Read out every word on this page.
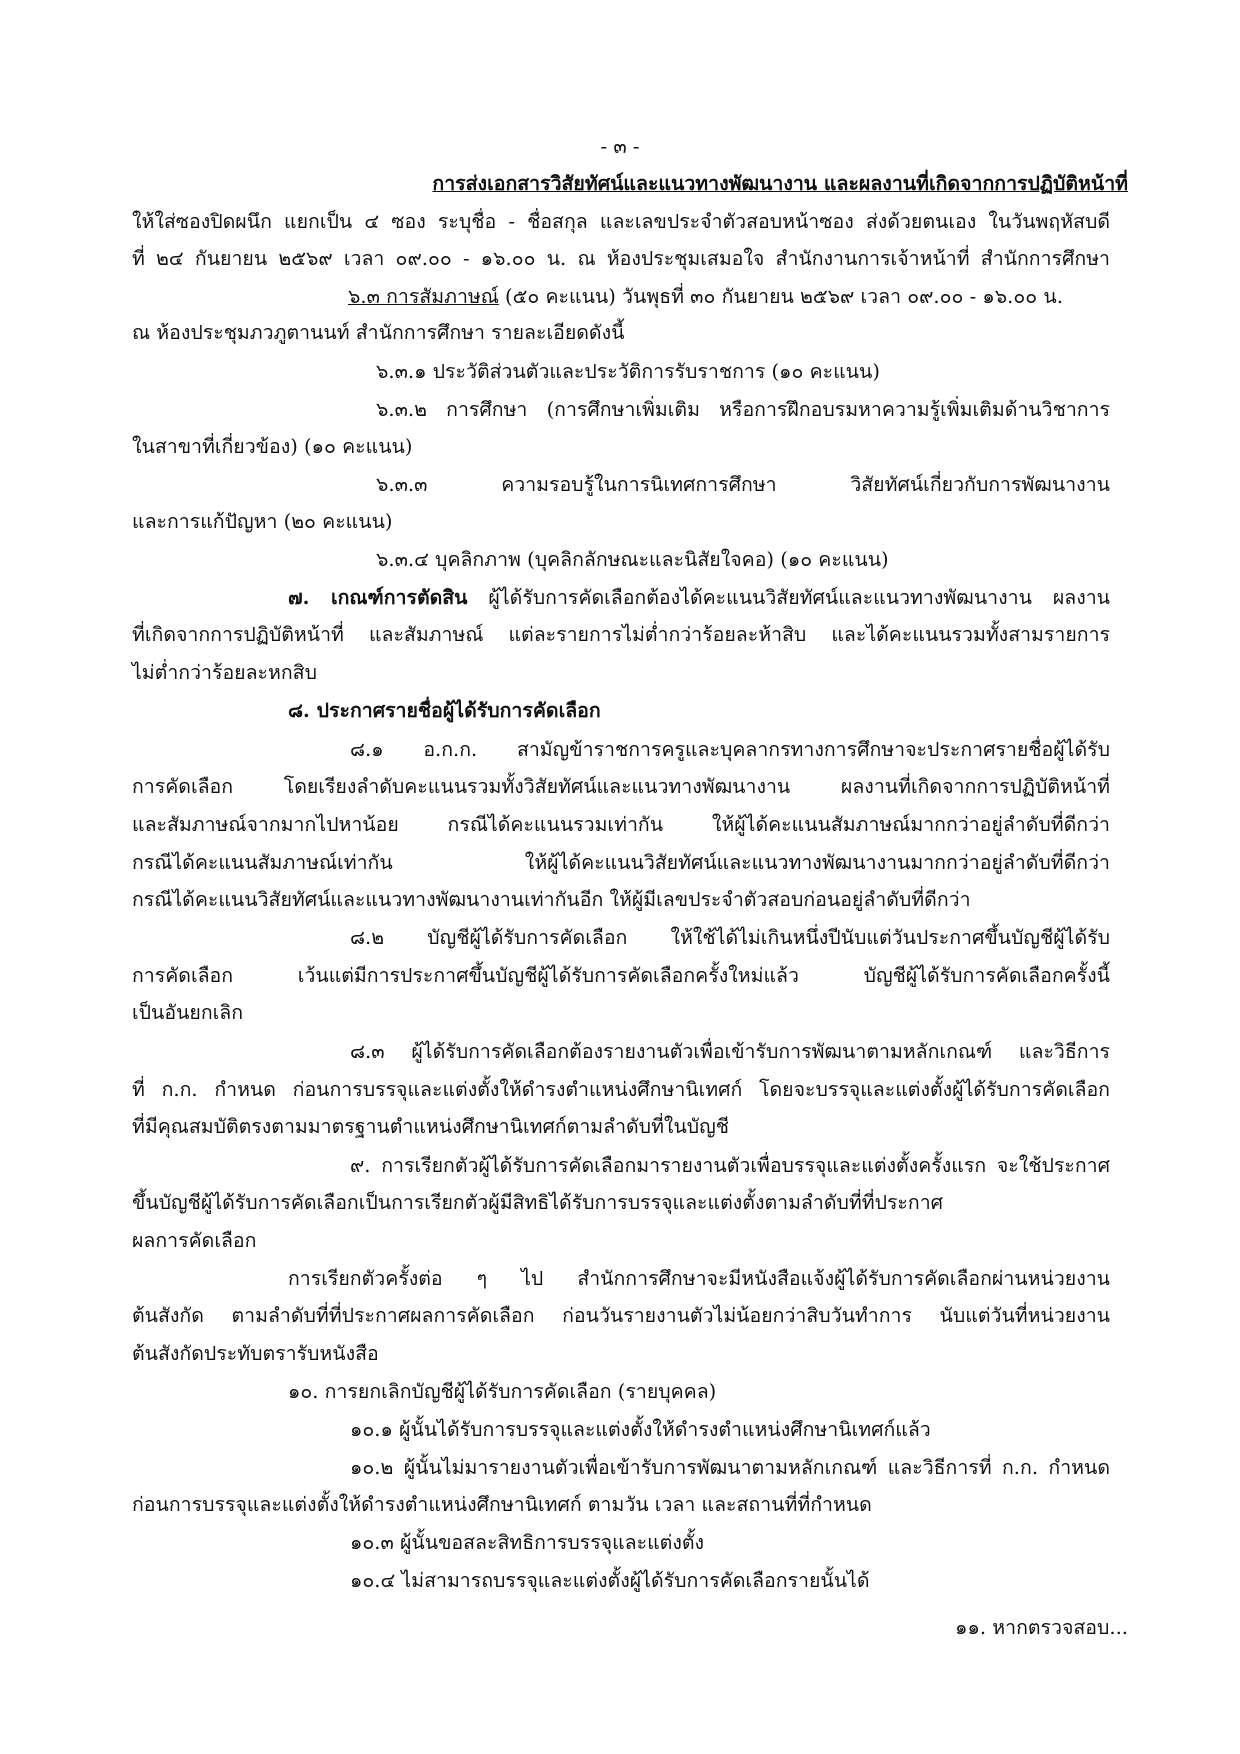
- ๓ -
การส่งเอกสารวิสัยทัศน์และแนวทางพัฒนางาน และผลงานที่เกิดจากการปฏิบัติหน้าที่
ให้ใส่ซองปิดผนึก แยกเป็น ๔ ซอง ระบุชื่อ - ชื่อสกุล และเลขประจำตัวสอบหน้าซอง ส่งด้วยตนเอง ในวันพฤหัสบดี
ที่ ๒๔ กันยายน ๒๕๖๙ เวลา ๐๙.๐๐ - ๑๖.๐๐ น. ณ ห้องประชุมเสมอใจ สำนักงานการเจ้าหน้าที่ สำนักการศึกษา
๖.๓ การสัมภาษณ์ (๕๐ คะแนน) วันพุธที่ ๓๐ กันยายน ๒๕๖๙ เวลา ๐๙.๐๐ - ๑๖.๐๐ น.
ณ ห้องประชุมภวภูตานนท์ สำนักการศึกษา รายละเอียดดังนี้
๖.๓.๑ ประวัติส่วนตัวและประวัติการรับราชการ (๑๐ คะแนน)
๖.๓.๒ การศึกษา (การศึกษาเพิ่มเติม หรือการฝึกอบรมหาความรู้เพิ่มเติมด้านวิชาการ
ในสาขาที่เกี่ยวข้อง) (๑๐ คะแนน)
๖.๓.๓ ความรอบรู้ในการนิเทศการศึกษา วิสัยทัศน์เกี่ยวกับการพัฒนางาน
และการแก้ปัญหา (๒๐ คะแนน)
๖.๓.๔ บุคลิกภาพ (บุคลิกลักษณะและนิสัยใจคอ) (๑๐ คะแนน)
๗. เกณฑ์การตัดสิน ผู้ได้รับการคัดเลือกต้องได้คะแนนวิสัยทัศน์และแนวทางพัฒนางาน ผลงาน
ที่เกิดจากการปฏิบัติหน้าที่ และสัมภาษณ์ แต่ละรายการไม่ต่ำกว่าร้อยละห้าสิบ และได้คะแนนรวมทั้งสามรายการ
ไม่ต่ำกว่าร้อยละหกสิบ
๘. ประกาศรายชื่อผู้ได้รับการคัดเลือก
๘.๑ อ.ก.ก. สามัญข้าราชการครูและบุคลากรทางการศึกษาจะประกาศรายชื่อผู้ได้รับ
การคัดเลือก โดยเรียงลำดับคะแนนรวมทั้งวิสัยทัศน์และแนวทางพัฒนางาน ผลงานที่เกิดจากการปฏิบัติหน้าที่
และสัมภาษณ์จากมากไปหาน้อย กรณีได้คะแนนรวมเท่ากัน ให้ผู้ได้คะแนนสัมภาษณ์มากกว่าอยู่ลำดับที่ดีกว่า
กรณีได้คะแนนสัมภาษณ์เท่ากัน ให้ผู้ได้คะแนนวิสัยทัศน์และแนวทางพัฒนางานมากกว่าอยู่ลำดับที่ดีกว่า
กรณีได้คะแนนวิสัยทัศน์และแนวทางพัฒนางานเท่ากันอีก ให้ผู้มีเลขประจำตัวสอบก่อนอยู่ลำดับที่ดีกว่า
๘.๒ บัญชีผู้ได้รับการคัดเลือก ให้ใช้ได้ไม่เกินหนึ่งปีนับแต่วันประกาศขึ้นบัญชีผู้ได้รับ
การคัดเลือก เว้นแต่มีการประกาศขึ้นบัญชีผู้ได้รับการคัดเลือกครั้งใหม่แล้ว บัญชีผู้ได้รับการคัดเลือกครั้งนี้
เป็นอันยกเลิก
๘.๓ ผู้ได้รับการคัดเลือกต้องรายงานตัวเพื่อเข้ารับการพัฒนาตามหลักเกณฑ์ และวิธีการ
ที่ ก.ก. กำหนด ก่อนการบรรจุและแต่งตั้งให้ดำรงตำแหน่งศึกษานิเทศก์ โดยจะบรรจุและแต่งตั้งผู้ได้รับการคัดเลือก
ที่มีคุณสมบัติตรงตามมาตรฐานตำแหน่งศึกษานิเทศก์ตามลำดับที่ในบัญชี
๙. การเรียกตัวผู้ได้รับการคัดเลือกมารายงานตัวเพื่อบรรจุและแต่งตั้งครั้งแรก จะใช้ประกาศ
ขึ้นบัญชีผู้ได้รับการคัดเลือกเป็นการเรียกตัวผู้มีสิทธิได้รับการบรรจุและแต่งตั้งตามลำดับที่ที่ประกาศ
ผลการคัดเลือก
การเรียกตัวครั้งต่อ ๆ ไป สำนักการศึกษาจะมีหนังสือแจ้งผู้ได้รับการคัดเลือกผ่านหน่วยงาน
ต้นสังกัด ตามลำดับที่ที่ประกาศผลการคัดเลือก ก่อนวันรายงานตัวไม่น้อยกว่าสิบวันทำการ นับแต่วันที่หน่วยงาน
ต้นสังกัดประทับตรารับหนังสือ
๑๐. การยกเลิกบัญชีผู้ได้รับการคัดเลือก (รายบุคคล)
๑๐.๑ ผู้นั้นได้รับการบรรจุและแต่งตั้งให้ดำรงตำแหน่งศึกษานิเทศก์แล้ว
๑๐.๒ ผู้นั้นไม่มารายงานตัวเพื่อเข้ารับการพัฒนาตามหลักเกณฑ์ และวิธีการที่ ก.ก. กำหนด
ก่อนการบรรจุและแต่งตั้งให้ดำรงตำแหน่งศึกษานิเทศก์ ตามวัน เวลา และสถานที่ที่กำหนด
๑๐.๓ ผู้นั้นขอสละสิทธิการบรรจุและแต่งตั้ง
๑๐.๔ ไม่สามารถบรรจุและแต่งตั้งผู้ได้รับการคัดเลือกรายนั้นได้
๑๑. หากตรวจสอบ...
